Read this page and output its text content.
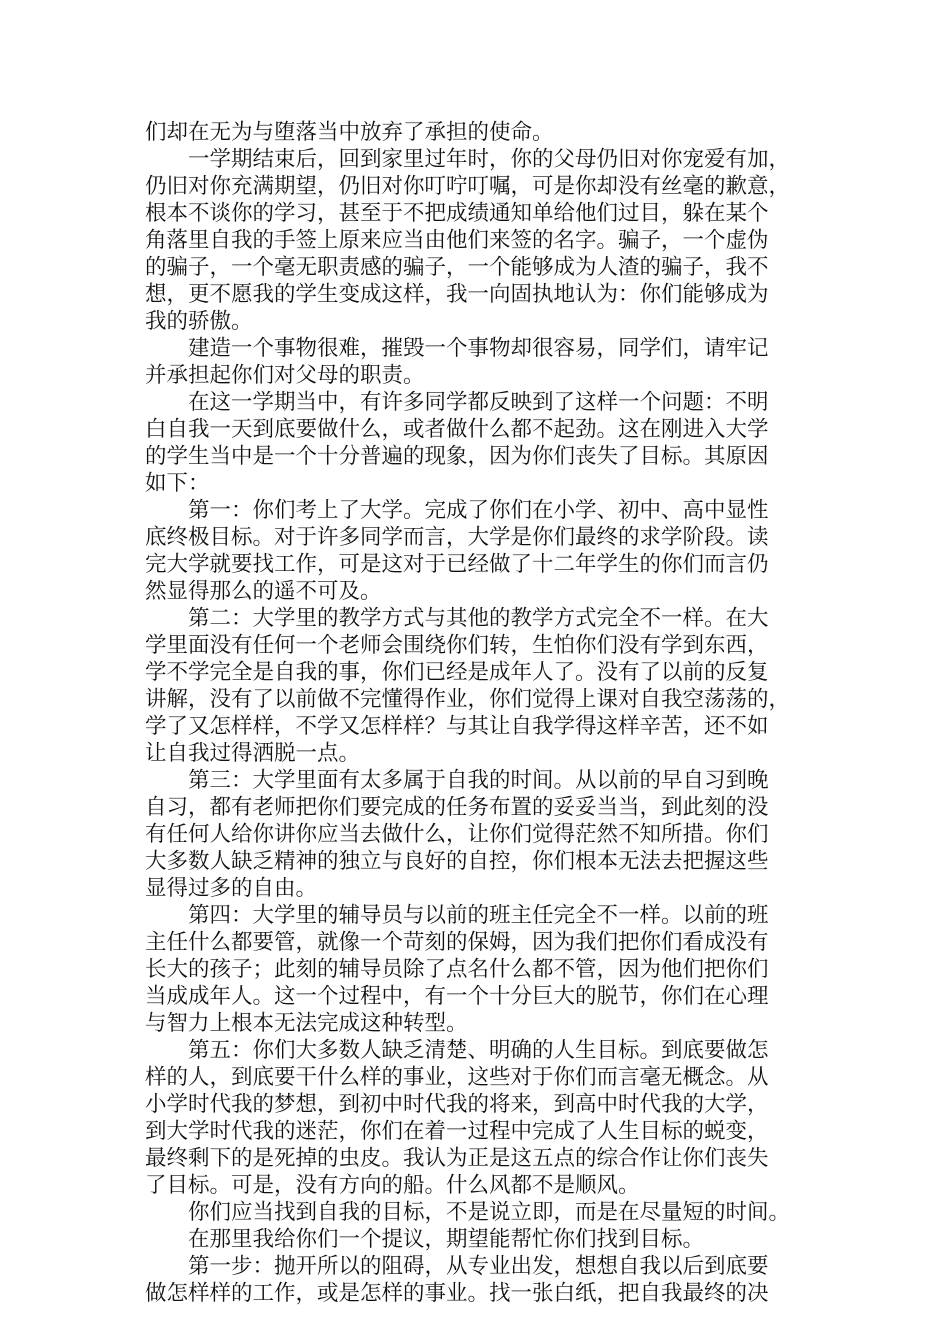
们却在无为与堕落当中放弃了承担的使命。
一学期结束后，回到家里过年时，你的父母仍旧对你宠爱有加，
仍旧对你充满期望，仍旧对你叮咛叮嘱，可是你却没有丝毫的歉意，
根本不谈你的学习，甚至于不把成绩通知单给他们过目，躲在某个
角落里自我的手签上原来应当由他们来签的名字。骗子，一个虚伪
的骗子，一个毫无职责感的骗子，一个能够成为人渣的骗子，我不
想，更不愿我的学生变成这样，我一向固执地认为：你们能够成为
我的骄傲。
建造一个事物很难，摧毁一个事物却很容易，同学们，请牢记
并承担起你们对父母的职责。
在这一学期当中，有许多同学都反映到了这样一个问题：不明
白自我一天到底要做什么，或者做什么都不起劲。这在刚进入大学
的学生当中是一个十分普遍的现象，因为你们丧失了目标。其原因
如下：
第一：你们考上了大学。完成了你们在小学、初中、高中显性
底终极目标。对于许多同学而言，大学是你们最终的求学阶段。读
完大学就要找工作，可是这对于已经做了十二年学生的你们而言仍
然显得那么的遥不可及。
第二：大学里的教学方式与其他的教学方式完全不一样。在大
学里面没有任何一个老师会围绕你们转，生怕你们没有学到东西，
学不学完全是自我的事，你们已经是成年人了。没有了以前的反复
讲解，没有了以前做不完懂得作业，你们觉得上课对自我空荡荡的，
学了又怎样样，不学又怎样样？与其让自我学得这样辛苦，还不如
让自我过得洒脱一点。
第三：大学里面有太多属于自我的时间。从以前的早自习到晚
自习，都有老师把你们要完成的任务布置的妥妥当当，到此刻的没
有任何人给你讲你应当去做什么，让你们觉得茫然不知所措。你们
大多数人缺乏精神的独立与良好的自控，你们根本无法去把握这些
显得过多的自由。
第四：大学里的辅导员与以前的班主任完全不一样。以前的班
主任什么都要管，就像一个苛刻的保姆，因为我们把你们看成没有
长大的孩子；此刻的辅导员除了点名什么都不管，因为他们把你们
当成成年人。这一个过程中，有一个十分巨大的脱节，你们在心理
与智力上根本无法完成这种转型。
第五：你们大多数人缺乏清楚、明确的人生目标。到底要做怎
样的人，到底要干什么样的事业，这些对于你们而言毫无概念。从
小学时代我的梦想，到初中时代我的将来，到高中时代我的大学，
到大学时代我的迷茫，你们在着一过程中完成了人生目标的蜕变，
最终剩下的是死掉的虫皮。我认为正是这五点的综合作让你们丧失
了目标。可是，没有方向的船。什么风都不是顺风。
你们应当找到自我的目标，不是说立即，而是在尽量短的时间。
在那里我给你们一个提议，期望能帮忙你们找到目标。
第一步：抛开所以的阻碍，从专业出发，想想自我以后到底要
做怎样样的工作，或是怎样的事业。找一张白纸，把自我最终的决
